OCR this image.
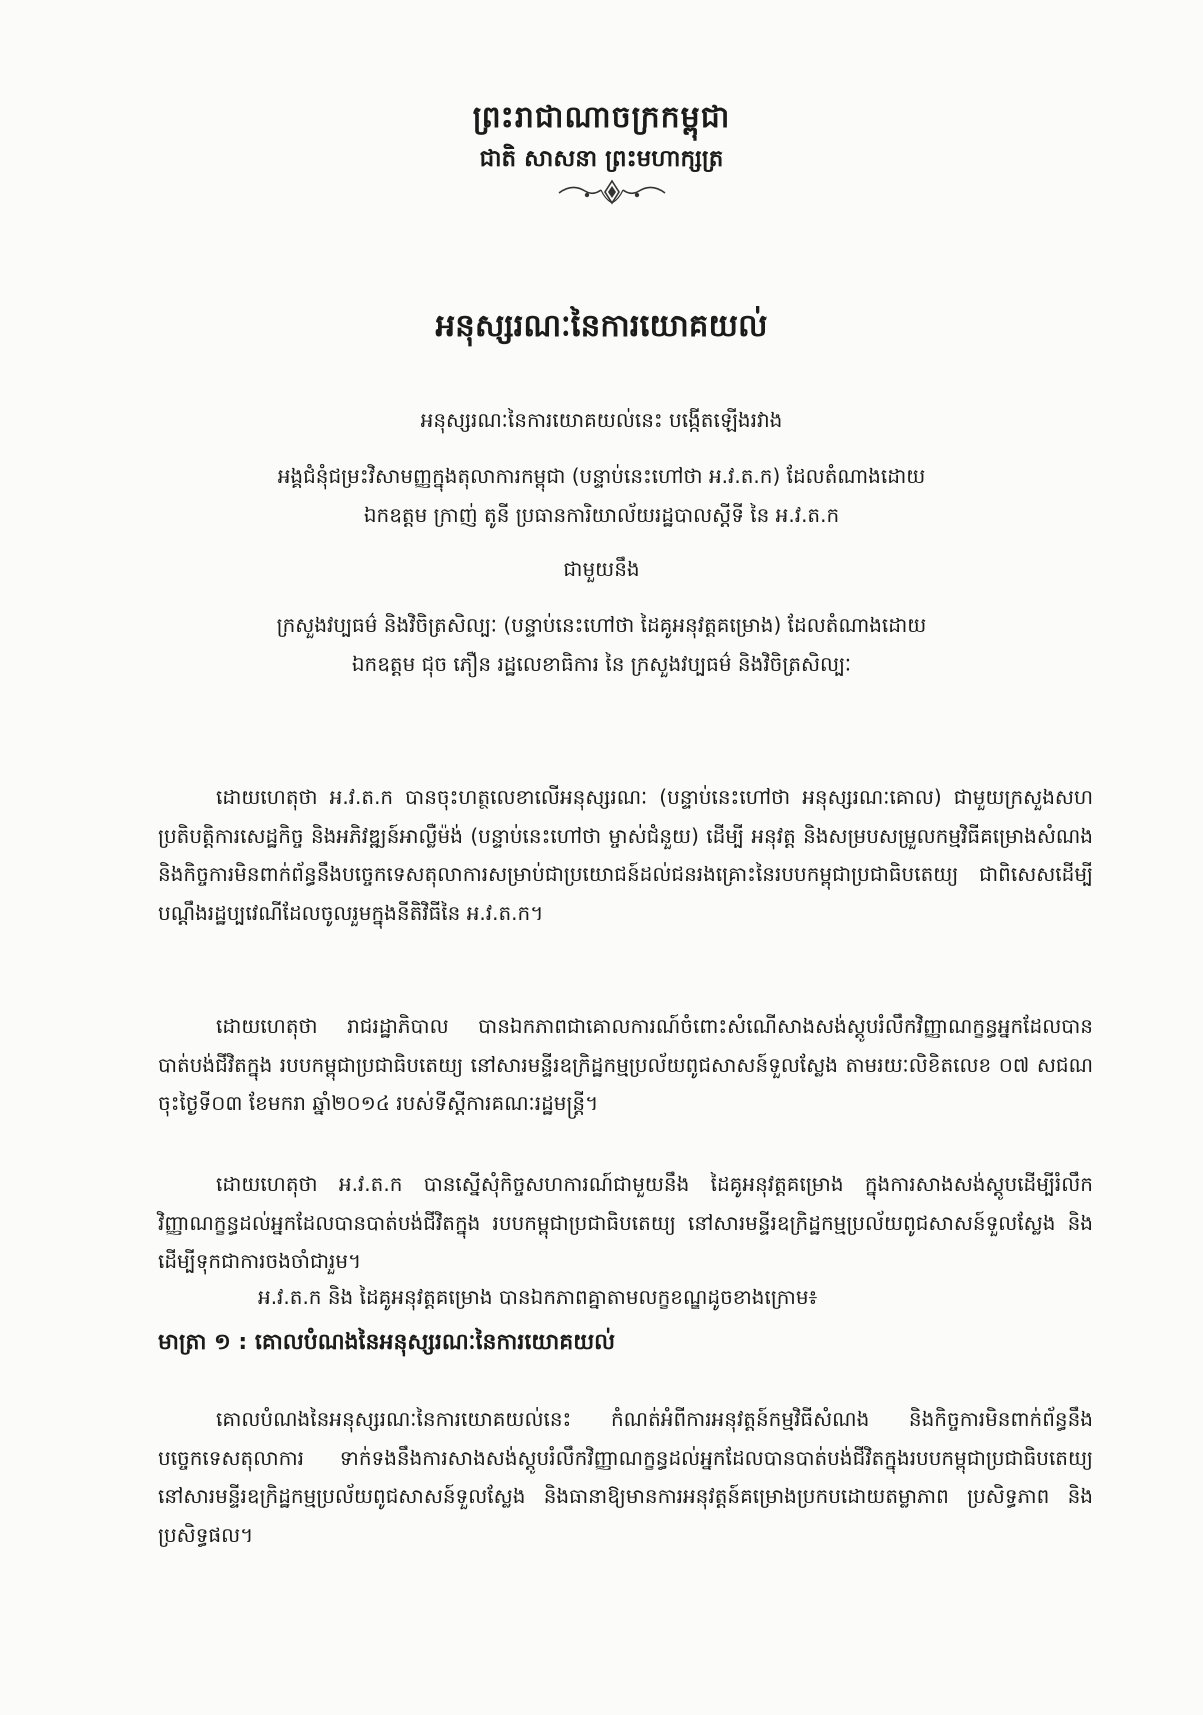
ព្រះរាជាណាចក្រកម្ពុជា
ជាតិ សាសនា ព្រះមហាក្សត្រ
អនុស្សរណៈនៃការយោគយល់
អនុស្សរណៈនៃការយោគយល់នេះ បង្កើតឡើងរវាង
អង្គជំនុំជម្រះវិសាមញ្ញក្នុងតុលាការកម្ពុជា (បន្ទាប់នេះហៅថា អ.វ.ត.ក) ដែលតំណាងដោយ
ឯកឧត្តម ក្រាញ់ តូនី ប្រធានការិយាល័យរដ្ឋបាលស្តីទី នៃ អ.វ.ត.ក
ជាមួយនឹង
ក្រសួងវប្បធម៌ និងវិចិត្រសិល្បៈ (បន្ទាប់នេះហៅថា ដៃគូអនុវត្តគម្រោង) ដែលតំណាងដោយ
ឯកឧត្តម ជុច ភឿន រដ្ឋលេខាធិការ នៃ ក្រសួងវប្បធម៌ និងវិចិត្រសិល្បៈ

ដោយហេតុថា អ.វ.ត.ក បានចុះហត្ថលេខាលើអនុស្សរណៈ (បន្ទាប់នេះហៅថា អនុស្សរណៈគោល) ជាមួយក្រសួងសហប្រតិបត្តិការសេដ្ឋកិច្ច និងអភិវឌ្ឍន៍អាល្លឺម៉ង់ (បន្ទាប់នេះហៅថា ម្ចាស់ជំនួយ) ដើម្បី អនុវត្ត និងសម្របសម្រួលកម្មវិធីគម្រោងសំណង និងកិច្ចការមិនពាក់ព័ន្ធនឹងបច្ចេកទេសតុលាការសម្រាប់ជាប្រយោជន៍ដល់ជនរងគ្រោះនៃរបបកម្ពុជាប្រជាធិបតេយ្យ ជាពិសេសដើម្បីបណ្ដឹងរដ្ឋប្បវេណីដែលចូលរួមក្នុងនីតិវិធីនៃ អ.វ.ត.ក។

ដោយហេតុថា រាជរដ្ឋាភិបាល បានឯកភាពជាគោលការណ៍ចំពោះសំណើសាងសង់ស្តូបរំលឹកវិញ្ញាណក្ខន្ធអ្នកដែលបានបាត់បង់ជីវិតក្នុង របបកម្ពុជាប្រជាធិបតេយ្យ នៅសារមន្ទីរឧក្រិដ្ឋកម្មប្រល័យពូជសាសន៍ទួលស្លែង តាមរយៈលិខិតលេខ ០៧ សជណ ចុះថ្ងៃទី០៣ ខែមករា ឆ្នាំ២០១៤ របស់ទីស្តីការគណៈរដ្ឋមន្ត្រី។

ដោយហេតុថា អ.វ.ត.ក បានស្នើសុំកិច្ចសហការណ៍ជាមួយនឹង ដៃគូអនុវត្តគម្រោង ក្នុងការសាងសង់ស្តូបដើម្បីរំលឹកវិញ្ញាណក្ខន្ធដល់អ្នកដែលបានបាត់បង់ជីវិតក្នុង របបកម្ពុជាប្រជាធិបតេយ្យ នៅសារមន្ទីរឧក្រិដ្ឋកម្មប្រល័យពូជសាសន៍ទួលស្លែង និងដើម្បីទុកជាការចងចាំជារួម។

អ.វ.ត.ក និង ដៃគូអនុវត្តគម្រោង បានឯកភាពគ្នាតាមលក្ខខណ្ឌដូចខាងក្រោម៖

មាត្រា ១ : គោលបំណងនៃអនុស្សរណៈនៃការយោគយល់

គោលបំណងនៃអនុស្សរណៈនៃការយោគយល់នេះ កំណត់អំពីការអនុវត្តន៍កម្មវិធីសំណង និងកិច្ចការមិនពាក់ព័ន្ធនឹងបច្ចេកទេសតុលាការ ទាក់ទងនឹងការសាងសង់ស្តូបរំលឹកវិញ្ញាណក្ខន្ធដល់អ្នកដែលបានបាត់បង់ជីវិតក្នុងរបបកម្ពុជាប្រជាធិបតេយ្យ នៅសារមន្ទីរឧក្រិដ្ឋកម្មប្រល័យពូជសាសន៍ទួលស្លែង និងធានាឱ្យមានការអនុវត្តន៍គម្រោងប្រកបដោយតម្លាភាព ប្រសិទ្ធភាព និងប្រសិទ្ធផល។
